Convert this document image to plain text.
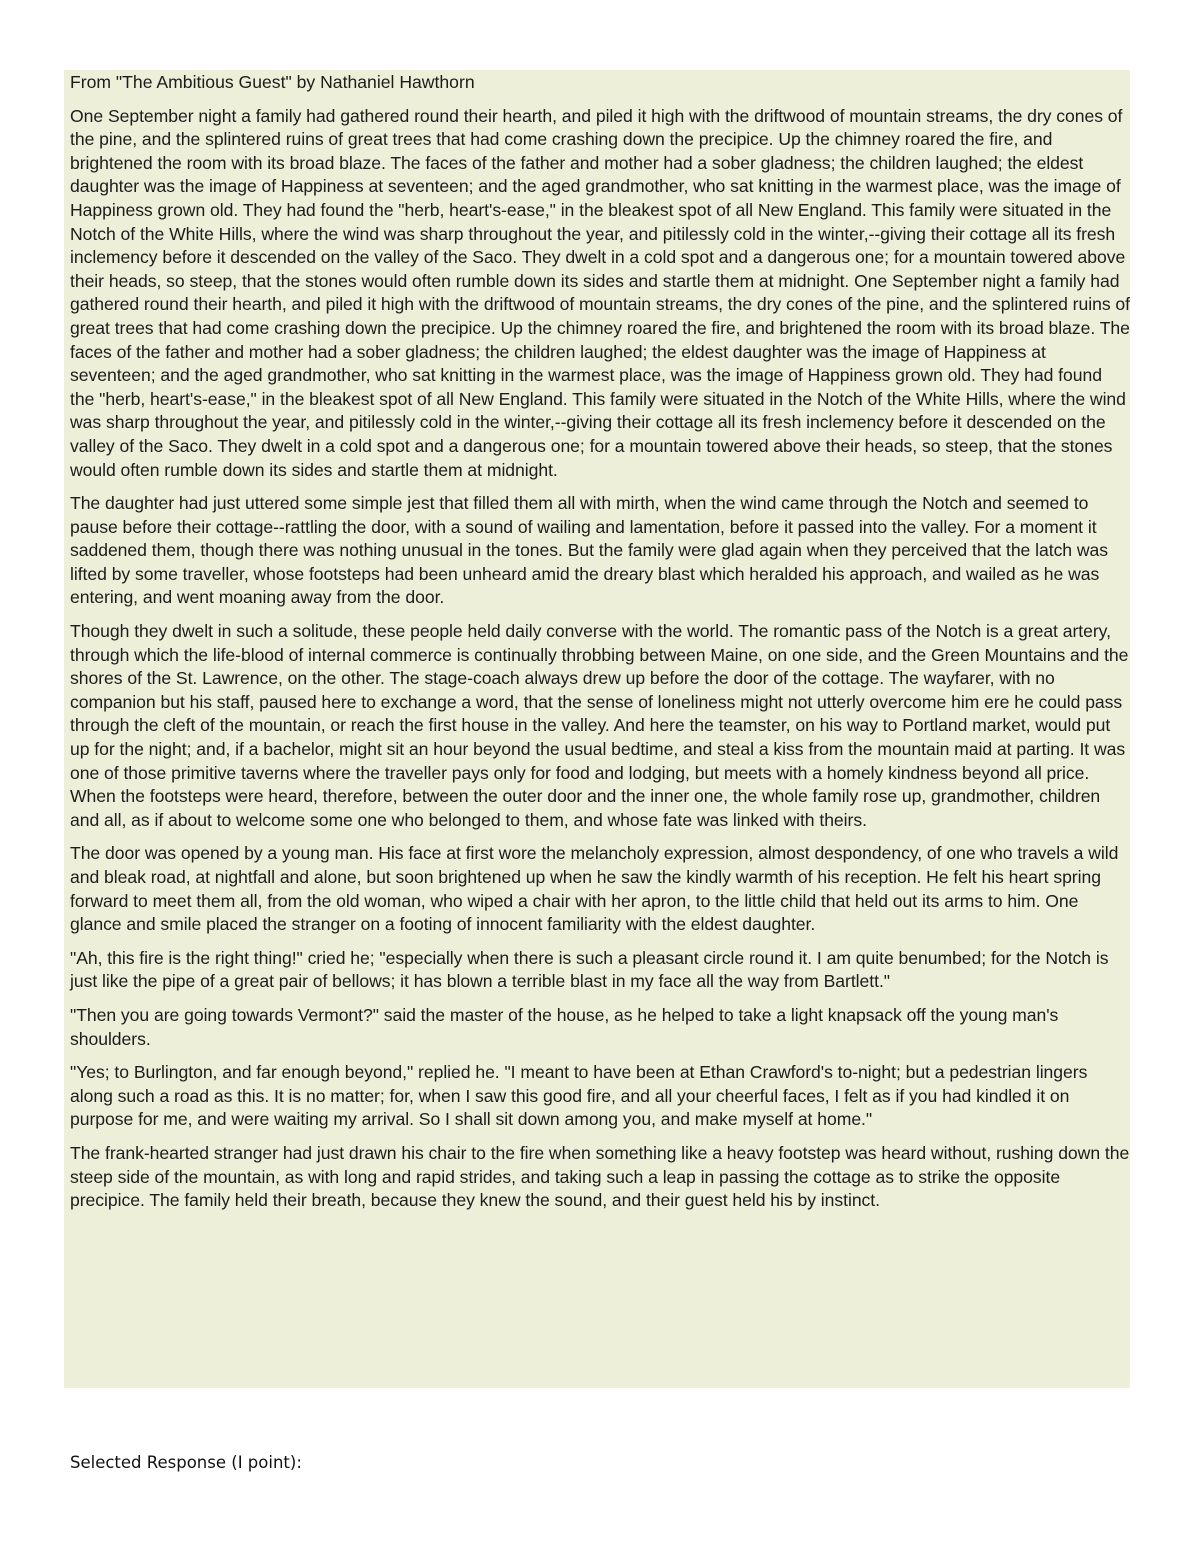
From "The Ambitious Guest" by Nathaniel Hawthorn

One September night a family had gathered round their hearth, and piled it high with the driftwood of mountain streams, the dry cones of the pine, and the splintered ruins of great trees that had come crashing down the precipice. Up the chimney roared the fire, and brightened the room with its broad blaze. The faces of the father and mother had a sober gladness; the children laughed; the eldest daughter was the image of Happiness at seventeen; and the aged grandmother, who sat knitting in the warmest place, was the image of Happiness grown old. They had found the "herb, heart's-ease," in the bleakest spot of all New England. This family were situated in the Notch of the White Hills, where the wind was sharp throughout the year, and pitilessly cold in the winter,--giving their cottage all its fresh inclemency before it descended on the valley of the Saco. They dwelt in a cold spot and a dangerous one; for a mountain towered above their heads, so steep, that the stones would often rumble down its sides and startle them at midnight. One September night a family had gathered round their hearth, and piled it high with the driftwood of mountain streams, the dry cones of the pine, and the splintered ruins of great trees that had come crashing down the precipice. Up the chimney roared the fire, and brightened the room with its broad blaze. The faces of the father and mother had a sober gladness; the children laughed; the eldest daughter was the image of Happiness at seventeen; and the aged grandmother, who sat knitting in the warmest place, was the image of Happiness grown old. They had found the "herb, heart's-ease," in the bleakest spot of all New England. This family were situated in the Notch of the White Hills, where the wind was sharp throughout the year, and pitilessly cold in the winter,--giving their cottage all its fresh inclemency before it descended on the valley of the Saco. They dwelt in a cold spot and a dangerous one; for a mountain towered above their heads, so steep, that the stones would often rumble down its sides and startle them at midnight.

The daughter had just uttered some simple jest that filled them all with mirth, when the wind came through the Notch and seemed to pause before their cottage--rattling the door, with a sound of wailing and lamentation, before it passed into the valley. For a moment it saddened them, though there was nothing unusual in the tones. But the family were glad again when they perceived that the latch was lifted by some traveller, whose footsteps had been unheard amid the dreary blast which heralded his approach, and wailed as he was entering, and went moaning away from the door.

Though they dwelt in such a solitude, these people held daily converse with the world. The romantic pass of the Notch is a great artery, through which the life-blood of internal commerce is continually throbbing between Maine, on one side, and the Green Mountains and the shores of the St. Lawrence, on the other. The stage-coach always drew up before the door of the cottage. The wayfarer, with no companion but his staff, paused here to exchange a word, that the sense of loneliness might not utterly overcome him ere he could pass through the cleft of the mountain, or reach the first house in the valley. And here the teamster, on his way to Portland market, would put up for the night; and, if a bachelor, might sit an hour beyond the usual bedtime, and steal a kiss from the mountain maid at parting. It was one of those primitive taverns where the traveller pays only for food and lodging, but meets with a homely kindness beyond all price. When the footsteps were heard, therefore, between the outer door and the inner one, the whole family rose up, grandmother, children and all, as if about to welcome some one who belonged to them, and whose fate was linked with theirs.

The door was opened by a young man. His face at first wore the melancholy expression, almost despondency, of one who travels a wild and bleak road, at nightfall and alone, but soon brightened up when he saw the kindly warmth of his reception. He felt his heart spring forward to meet them all, from the old woman, who wiped a chair with her apron, to the little child that held out its arms to him. One glance and smile placed the stranger on a footing of innocent familiarity with the eldest daughter.

"Ah, this fire is the right thing!" cried he; "especially when there is such a pleasant circle round it. I am quite benumbed; for the Notch is just like the pipe of a great pair of bellows; it has blown a terrible blast in my face all the way from Bartlett."

"Then you are going towards Vermont?" said the master of the house, as he helped to take a light knapsack off the young man's shoulders.

"Yes; to Burlington, and far enough beyond," replied he. "I meant to have been at Ethan Crawford's to-night; but a pedestrian lingers along such a road as this. It is no matter; for, when I saw this good fire, and all your cheerful faces, I felt as if you had kindled it on purpose for me, and were waiting my arrival. So I shall sit down among you, and make myself at home."

The frank-hearted stranger had just drawn his chair to the fire when something like a heavy footstep was heard without, rushing down the steep side of the mountain, as with long and rapid strides, and taking such a leap in passing the cottage as to strike the opposite precipice. The family held their breath, because they knew the sound, and their guest held his by instinct.

Selected Response (I point):
